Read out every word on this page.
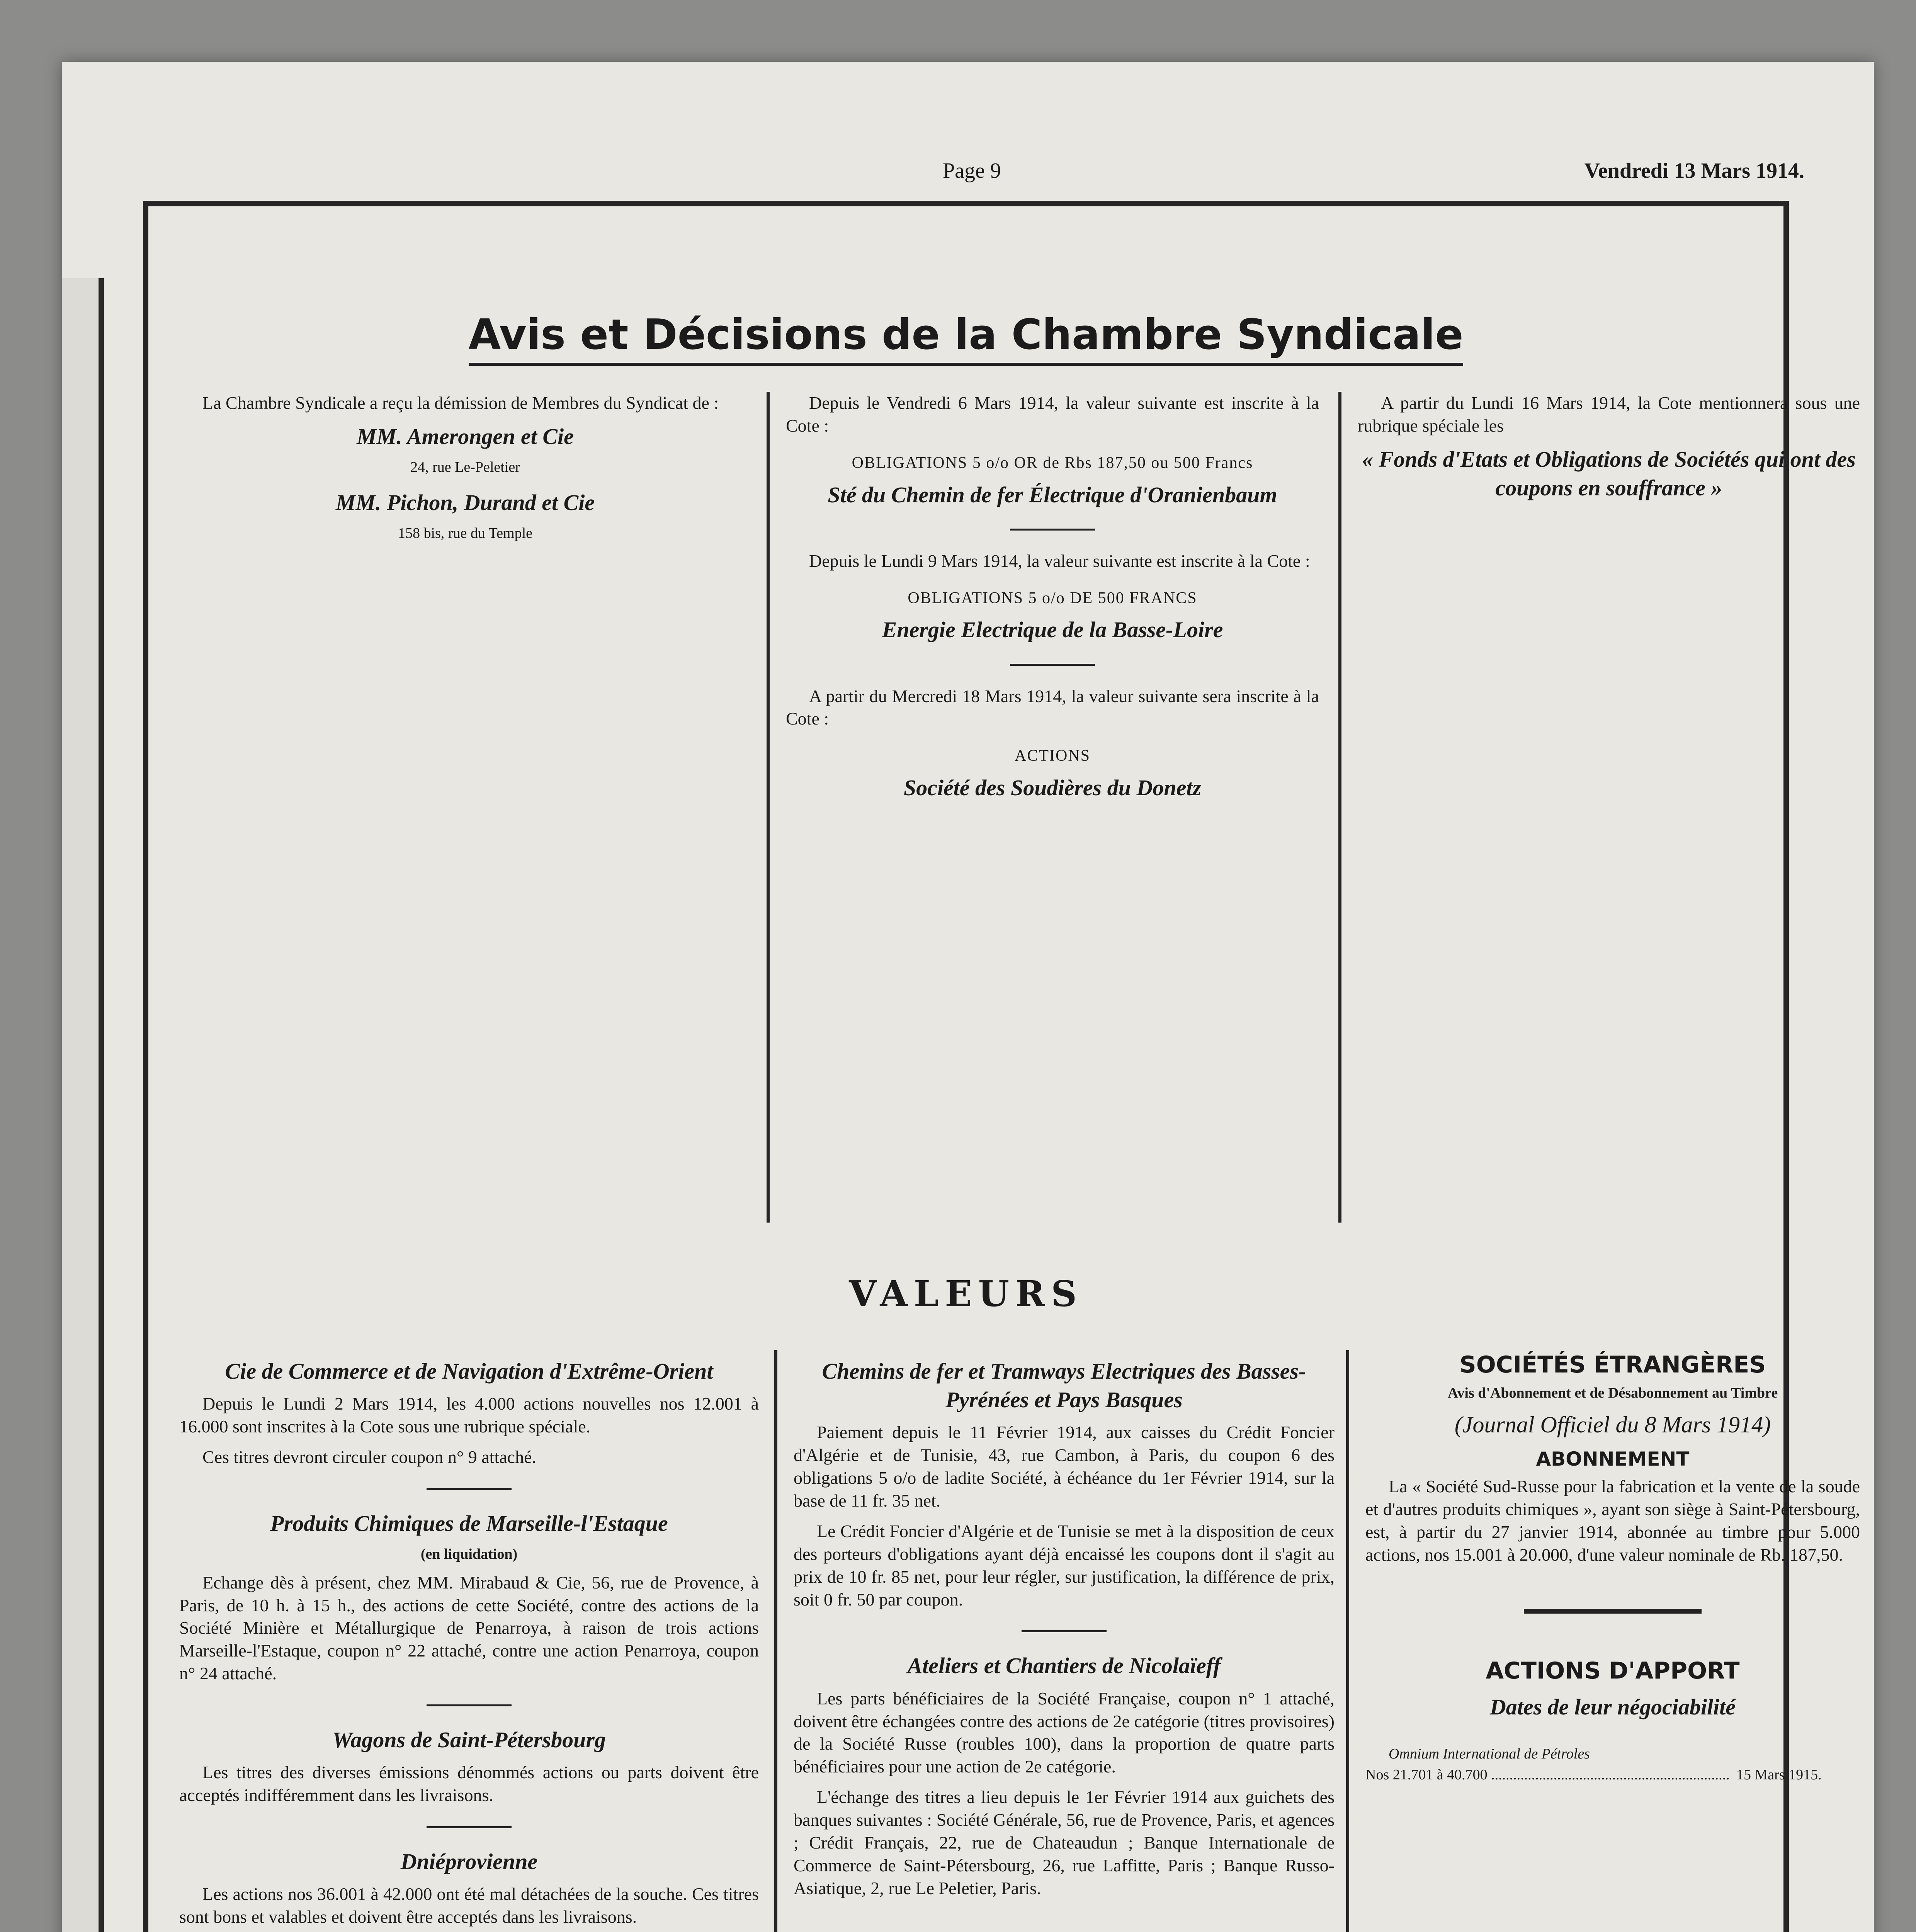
Page 9	Vendredi 13 Mars 1914.
Avis et Décisions de la Chambre Syndicale

La Chambre Syndicale a reçu la démission de Membres du Syndicat de :

MM. Amerongen et Cie
24, rue Le-Peletier
MM. Pichon, Durand et Cie
158 bis, rue du Temple

Depuis le Vendredi 6 Mars 1914, la valeur suivante est inscrite à la Cote :

OBLIGATIONS 5 o/o OR de Rbs 187,50 ou 500 Francs
Sté du Chemin de fer Électrique d'Oranienbaum

Depuis le Lundi 9 Mars 1914, la valeur suivante est inscrite à la Cote :

OBLIGATIONS 5 o/o DE 500 FRANCS
Energie Electrique de la Basse-Loire

A partir du Mercredi 18 Mars 1914, la valeur suivante sera inscrite à la Cote :

ACTIONS
Société des Soudières du Donetz

A partir du Lundi 16 Mars 1914, la Cote mentionnera sous une rubrique spéciale les

« Fonds d'Etats et Obligations de Sociétés qui ont des coupons en souffrance »
VALEURS
Cie de Commerce et de Navigation d'Extrême-Orient

Depuis le Lundi 2 Mars 1914, les 4.000 actions nouvelles nos 12.001 à 16.000 sont inscrites à la Cote sous une rubrique spéciale.

Ces titres devront circuler coupon n° 9 attaché.

Produits Chimiques de Marseille-l'Estaque
(en liquidation)

Echange dès à présent, chez MM. Mirabaud & Cie, 56, rue de Provence, à Paris, de 10 h. à 15 h., des actions de cette Société, contre des actions de la Société Minière et Métallurgique de Penarroya, à raison de trois actions Marseille-l'Estaque, coupon n° 22 attaché, contre une action Penarroya, coupon n° 24 attaché.

Wagons de Saint-Pétersbourg

Les titres des diverses émissions dénommés actions ou parts doivent être acceptés indifféremment dans les livraisons.

Dniéprovienne

Les actions nos 36.001 à 42.000 ont été mal détachées de la souche. Ces titres sont bons et valables et doivent être acceptés dans les livraisons.

Chemins de fer et Tramways Electriques des Basses-Pyrénées et Pays Basques

Paiement depuis le 11 Février 1914, aux caisses du Crédit Foncier d'Algérie et de Tunisie, 43, rue Cambon, à Paris, du coupon 6 des obligations 5 o/o de ladite Société, à échéance du 1er Février 1914, sur la base de 11 fr. 35 net.

Le Crédit Foncier d'Algérie et de Tunisie se met à la disposition de ceux des porteurs d'obligations ayant déjà encaissé les coupons dont il s'agit au prix de 10 fr. 85 net, pour leur régler, sur justification, la différence de prix, soit 0 fr. 50 par coupon.

Ateliers et Chantiers de Nicolaïeff

Les parts bénéficiaires de la Société Française, coupon n° 1 attaché, doivent être échangées contre des actions de 2e catégorie (titres provisoires) de la Société Russe (roubles 100), dans la proportion de quatre parts bénéficiaires pour une action de 2e catégorie.

L'échange des titres a lieu depuis le 1er Février 1914 aux guichets des banques suivantes : Société Générale, 56, rue de Provence, Paris, et agences ; Crédit Français, 22, rue de Chateaudun ; Banque Internationale de Commerce de Saint-Pétersbourg, 26, rue Laffitte, Paris ; Banque Russo-Asiatique, 2, rue Le Peletier, Paris.

SOCIÉTÉS ÉTRANGÈRES
Avis d'Abonnement et de Désabonnement au Timbre
(Journal Officiel du 8 Mars 1914)
ABONNEMENT

La « Société Sud-Russe pour la fabrication et la vente de la soude et d'autres produits chimiques », ayant son siège à Saint-Pétersbourg, est, à partir du 27 janvier 1914, abonnée au timbre pour 5.000 actions, nos 15.001 à 20.000, d'une valeur nominale de Rb. 187,50.

ACTIONS D'APPORT
Dates de leur négociabilité
Omnium International de Pétroles
Nos 21.701 à 40.700 .....	15 Mars 1915.
